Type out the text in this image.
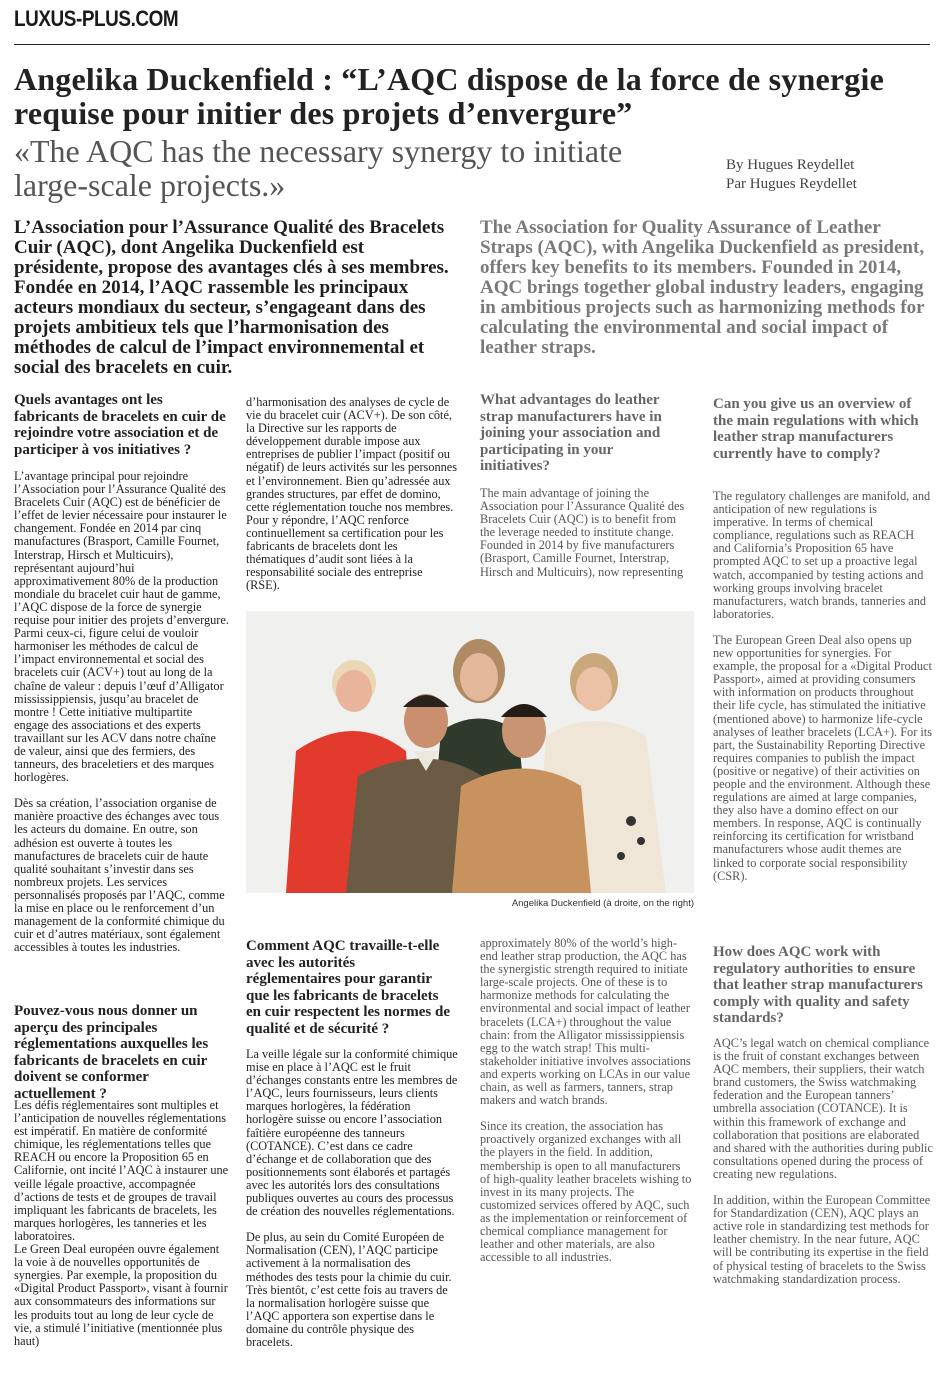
LUXUS-PLUS.COM
Angelika Duckenfield : “L’AQC dispose de la force de synergie requise pour initier des projets d’envergure”
«The AQC has the necessary synergy to initiate large-scale projects.»
By Hugues Reydellet
Par Hugues Reydellet
L’Association pour l’Assurance Qualité des Bracelets Cuir (AQC), dont Angelika Duckenfield est présidente, propose des avantages clés à ses membres. Fondée en 2014, l’AQC rassemble les principaux acteurs mondiaux du secteur, s’engageant dans des projets ambitieux tels que l’harmonisation des méthodes de calcul de l’impact environnemental et social des bracelets en cuir.
The Association for Quality Assurance of Leather Straps (AQC), with Angelika Duckenfield as president, offers key benefits to its members. Founded in 2014, AQC brings together global industry leaders, engaging in ambitious projects such as harmonizing methods for calculating the environmental and social impact of leather straps.
Quels avantages ont les fabricants de bracelets en cuir de rejoindre votre association et de participer à vos initiatives ?

L’avantage principal pour rejoindre l’Association pour l’Assurance Qualité des Bracelets Cuir (AQC) est de bénéficier de l’effet de levier nécessaire pour instaurer le changement. Fondée en 2014 par cinq manufactures (Brasport, Camille Fournet, Interstrap, Hirsch et Multicuirs), représentant aujourd’hui approximativement 80% de la production mondiale du bracelet cuir haut de gamme, l’AQC dispose de la force de synergie requise pour initier des projets d’envergure. Parmi ceux-ci, figure celui de vouloir harmoniser les méthodes de calcul de l’impact environnemental et social des bracelets cuir (ACV+) tout au long de la chaîne de valeur : depuis l’œuf d’Alligator mississippiensis, jusqu’au bracelet de montre ! Cette initiative multipartite engage des associations et des experts travaillant sur les ACV dans notre chaîne de valeur, ainsi que des fermiers, des tanneurs, des braceletiers et des marques horlogères.

Dès sa création, l’association organise de manière proactive des échanges avec tous les acteurs du domaine. En outre, son adhésion est ouverte à toutes les manufactures de bracelets cuir de haute qualité souhaitant s’investir dans ses nombreux projets. Les services personnalisés proposés par l’AQC, comme la mise en place ou le renforcement d’un management de la conformité chimique du cuir et d’autres matériaux, sont également accessibles à toutes les industries.

Pouvez-vous nous donner un aperçu des principales réglementations auxquelles les fabricants de bracelets en cuir doivent se conformer actuellement ?

Les défis réglementaires sont multiples et l’anticipation de nouvelles réglementations est impératif. En matière de conformité chimique, les réglementations telles que REACH ou encore la Proposition 65 en Californie, ont incité l’AQC à instaurer une veille légale proactive, accompagnée d’actions de tests et de groupes de travail impliquant les fabricants de bracelets, les marques horlogères, les tanneries et les laboratoires.

Le Green Deal européen ouvre également la voie à de nouvelles opportunités de synergies. Par exemple, la proposition du «Digital Product Passport», visant à fournir aux consommateurs des informations sur les produits tout au long de leur cycle de vie, a stimulé l’initiative (mentionnée plus haut)

d’harmonisation des analyses de cycle de vie du bracelet cuir (ACV+). De son côté, la Directive sur les rapports de développement durable impose aux entreprises de publier l’impact (positif ou négatif) de leurs activités sur les personnes et l’environnement. Bien qu’adressée aux grandes structures, par effet de domino, cette réglementation touche nos membres. Pour y répondre, l’AQC renforce continuellement sa certification pour les fabricants de bracelets dont les thématiques d’audit sont liées à la responsabilité sociale des entreprise (RSE).

Comment AQC travaille-t-elle avec les autorités réglementaires pour garantir que les fabricants de bracelets en cuir respectent les normes de qualité et de sécurité ?

La veille légale sur la conformité chimique mise en place à l’AQC est le fruit d’échanges constants entre les membres de l’AQC, leurs fournisseurs, leurs clients marques horlogères, la fédération horlogère suisse ou encore l’association faîtière européenne des tanneurs (COTANCE). C’est dans ce cadre d’échange et de collaboration que des positionnements sont élaborés et partagés avec les autorités lors des consultations publiques ouvertes au cours des processus de création des nouvelles réglementations.

De plus, au sein du Comité Européen de Normalisation (CEN), l’AQC participe activement à la normalisation des méthodes des tests pour la chimie du cuir. Très bientôt, c’est cette fois au travers de la normalisation horlogère suisse que l’AQC apportera son expertise dans le domaine du contrôle physique des bracelets.

Angelika Duckenfield (à droite, on the right)
What advantages do leather strap manufacturers have in joining your association and participating in your initiatives?

The main advantage of joining the Association pour l’Assurance Qualité des Bracelets Cuir (AQC) is to benefit from the leverage needed to institute change. Founded in 2014 by five manufacturers (Brasport, Camille Fournet, Interstrap, Hirsch and Multicuirs), now representing

approximately 80% of the world’s high-end leather strap production, the AQC has the synergistic strength required to initiate large-scale projects. One of these is to harmonize methods for calculating the environmental and social impact of leather bracelets (LCA+) throughout the value chain: from the Alligator mississippiensis egg to the watch strap! This multi-stakeholder initiative involves associations and experts working on LCAs in our value chain, as well as farmers, tanners, strap makers and watch brands.

Since its creation, the association has proactively organized exchanges with all the players in the field. In addition, membership is open to all manufacturers of high-quality leather bracelets wishing to invest in its many projects. The customized services offered by AQC, such as the implementation or reinforcement of chemical compliance management for leather and other materials, are also accessible to all industries.

Can you give us an overview of the main regulations with which leather strap manufacturers currently have to comply?

The regulatory challenges are manifold, and anticipation of new regulations is imperative. In terms of chemical compliance, regulations such as REACH and California’s Proposition 65 have prompted AQC to set up a proactive legal watch, accompanied by testing actions and working groups involving bracelet manufacturers, watch brands, tanneries and laboratories.

The European Green Deal also opens up new opportunities for synergies. For example, the proposal for a «Digital Product Passport», aimed at providing consumers with information on products throughout their life cycle, has stimulated the initiative (mentioned above) to harmonize life-cycle analyses of leather bracelets (LCA+). For its part, the Sustainability Reporting Directive requires companies to publish the impact (positive or negative) of their activities on people and the environment. Although these regulations are aimed at large companies, they also have a domino effect on our members. In response, AQC is continually reinforcing its certification for wristband manufacturers whose audit themes are linked to corporate social responsibility (CSR).

How does AQC work with regulatory authorities to ensure that leather strap manufacturers comply with quality and safety standards?

AQC’s legal watch on chemical compliance is the fruit of constant exchanges between AQC members, their suppliers, their watch brand customers, the Swiss watchmaking federation and the European tanners’ umbrella association (COTANCE). It is within this framework of exchange and collaboration that positions are elaborated and shared with the authorities during public consultations opened during the process of creating new regulations.

In addition, within the European Committee for Standardization (CEN), AQC plays an active role in standardizing test methods for leather chemistry. In the near future, AQC will be contributing its expertise in the field of physical testing of bracelets to the Swiss watchmaking standardization process.
